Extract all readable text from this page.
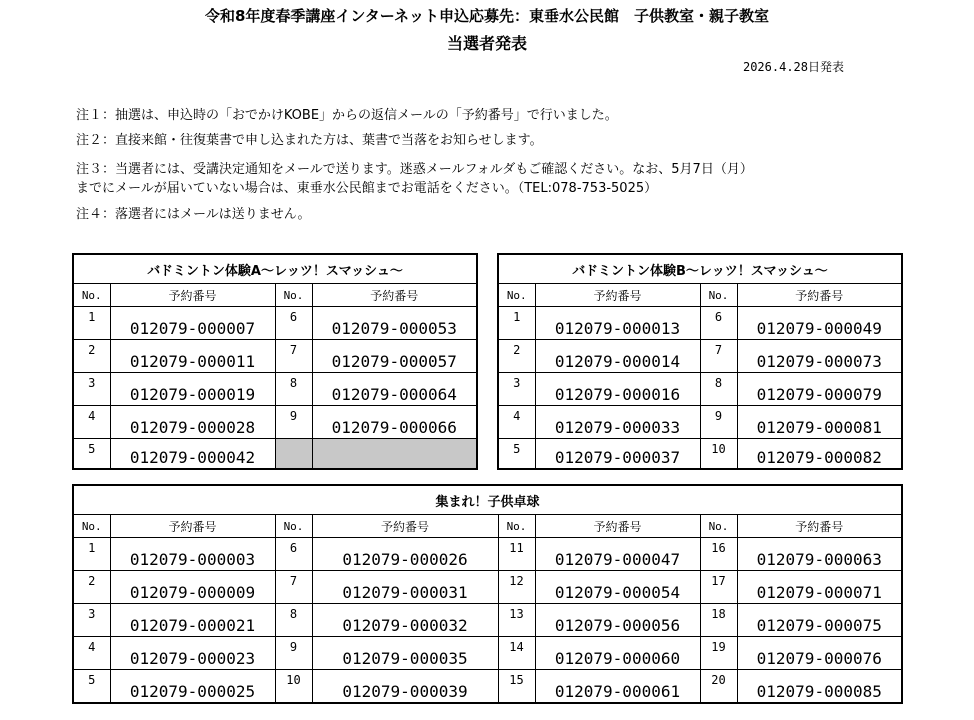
令和8年度春季講座インターネット申込応募先：東垂水公民館　子供教室・親子教室
当選者発表
2026.4.28日発表
注１：抽選は、申込時の「おでかけKOBE」からの返信メールの「予約番号」で行いました。
注２：直接来館・往復葉書で申し込まれた方は、葉書で当落をお知らせします。
注３：当選者には、受講決定通知をメールで送ります。迷惑メールフォルダもご確認ください。なお、5月7日（月）
までにメールが届いていない場合は、東垂水公民館までお電話をください。（TEL:078-753-5025）
注４：落選者にはメールは送りません。
バドミントン体験A～レッツ！スマッシュ～			
No.	予約番号	No.	予約番号
1	012079-000007	6	012079-000053
2	012079-000011	7	012079-000057
3	012079-000019	8	012079-000064
4	012079-000028	9	012079-000066
5	012079-000042		
バドミントン体験B～レッツ！スマッシュ～			
No.	予約番号	No.	予約番号
1	012079-000013	6	012079-000049
2	012079-000014	7	012079-000073
3	012079-000016	8	012079-000079
4	012079-000033	9	012079-000081
5	012079-000037	10	012079-000082
集まれ！子供卓球							
No.	予約番号	No.	予約番号	No.	予約番号	No.	予約番号
1	012079-000003	6	012079-000026	11	012079-000047	16	012079-000063
2	012079-000009	7	012079-000031	12	012079-000054	17	012079-000071
3	012079-000021	8	012079-000032	13	012079-000056	18	012079-000075
4	012079-000023	9	012079-000035	14	012079-000060	19	012079-000076
5	012079-000025	10	012079-000039	15	012079-000061	20	012079-000085
